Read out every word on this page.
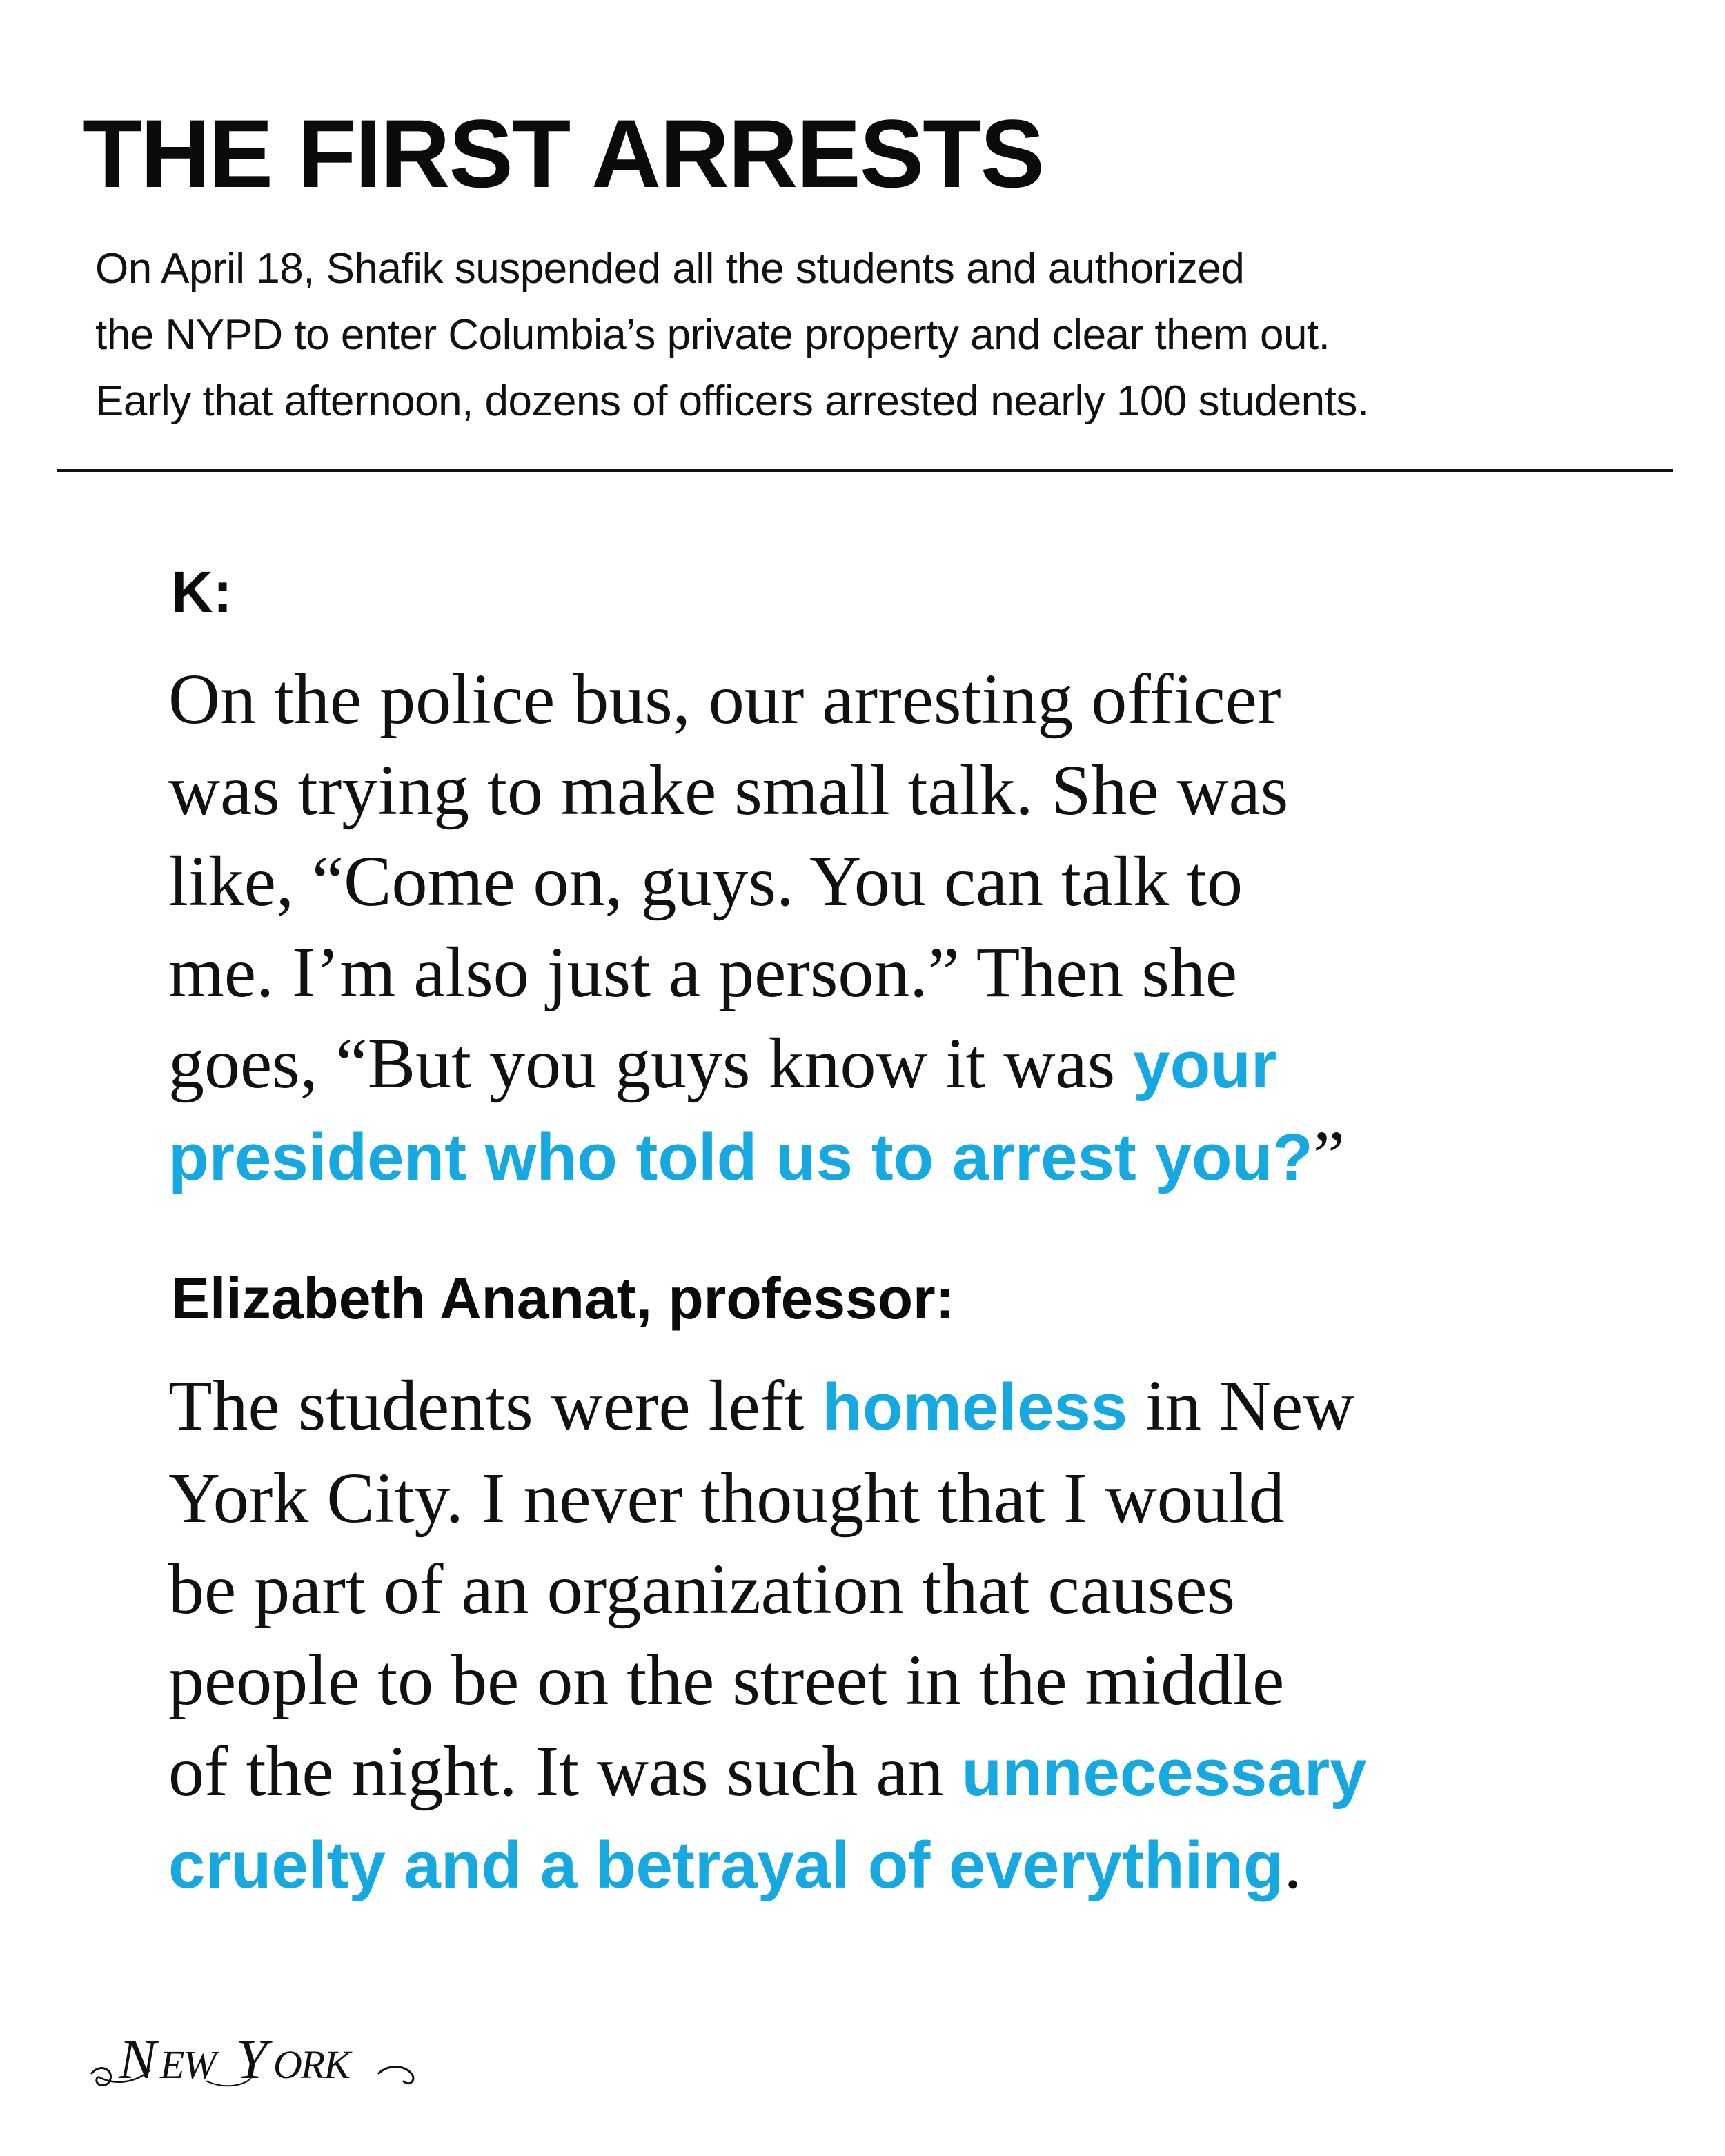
THE FIRST ARRESTS

On April 18, Shafik suspended all the students and authorized
the NYPD to enter Columbia’s private property and clear them out.
Early that afternoon, dozens of officers arrested nearly 100 students.

K:

On the police bus, our arresting officer
was trying to make small talk. She was
like, “Come on, guys. You can talk to
me. I’m also just a person.” Then she
goes, “But you guys know it was your
president who told us to arrest you?”

Elizabeth Ananat, professor:

The students were left homeless in New
York City. I never thought that I would
be part of an organization that causes
people to be on the street in the middle
of the night. It was such an unnecessary
cruelty and a betrayal of everything.

N EW Y ORK
